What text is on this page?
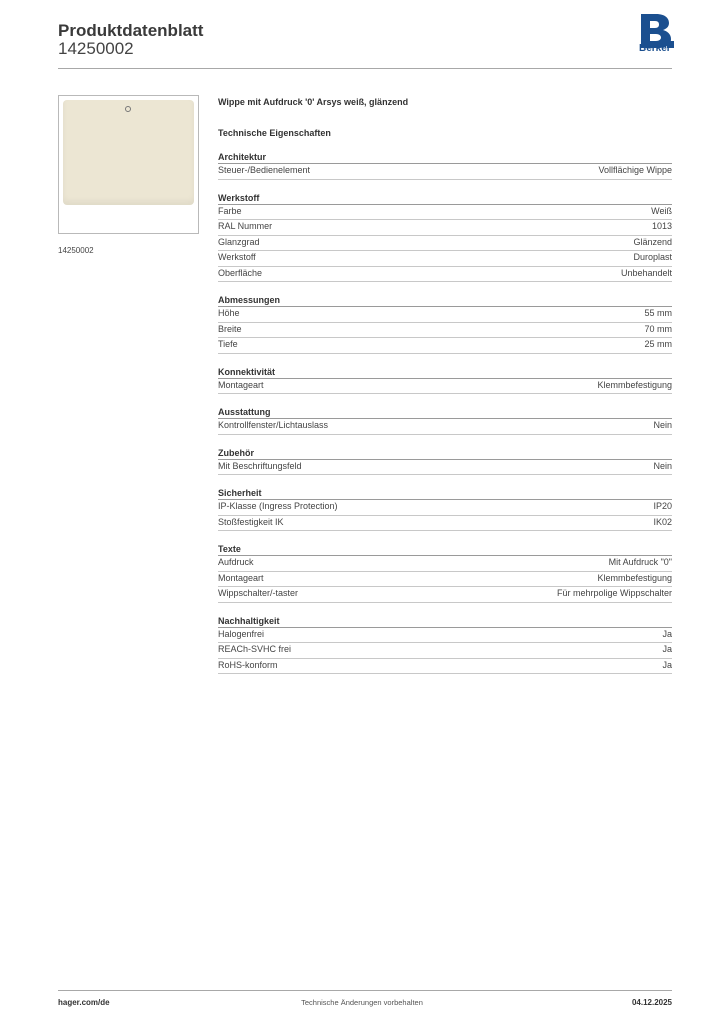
Produktdatenblatt
14250002	Berker
14250002
Wippe mit Aufdruck '0' Arsys weiß, glänzend
Technische Eigenschaften
Architektur
Steuer-/Bedienelement	Vollflächige Wippe
Werkstoff
Farbe	Weiß
RAL Nummer	1013
Glanzgrad	Glänzend
Werkstoff	Duroplast
Oberfläche	Unbehandelt
Abmessungen
Höhe	55 mm
Breite	70 mm
Tiefe	25 mm
Konnektivität
Montageart	Klemmbefestigung
Ausstattung
Kontrollfenster/Lichtauslass	Nein
Zubehör
Mit Beschriftungsfeld	Nein
Sicherheit
IP-Klasse (Ingress Protection)	IP20
Stoßfestigkeit IK	IK02
Texte
Aufdruck	Mit Aufdruck "0"
Montageart	Klemmbefestigung
Wippschalter/-taster	Für mehrpolige Wippschalter
Nachhaltigkeit
Halogenfrei	Ja
REACh-SVHC frei	Ja
RoHS-konform	Ja
hager.com/de	Technische Änderungen vorbehalten	04.12.2025
